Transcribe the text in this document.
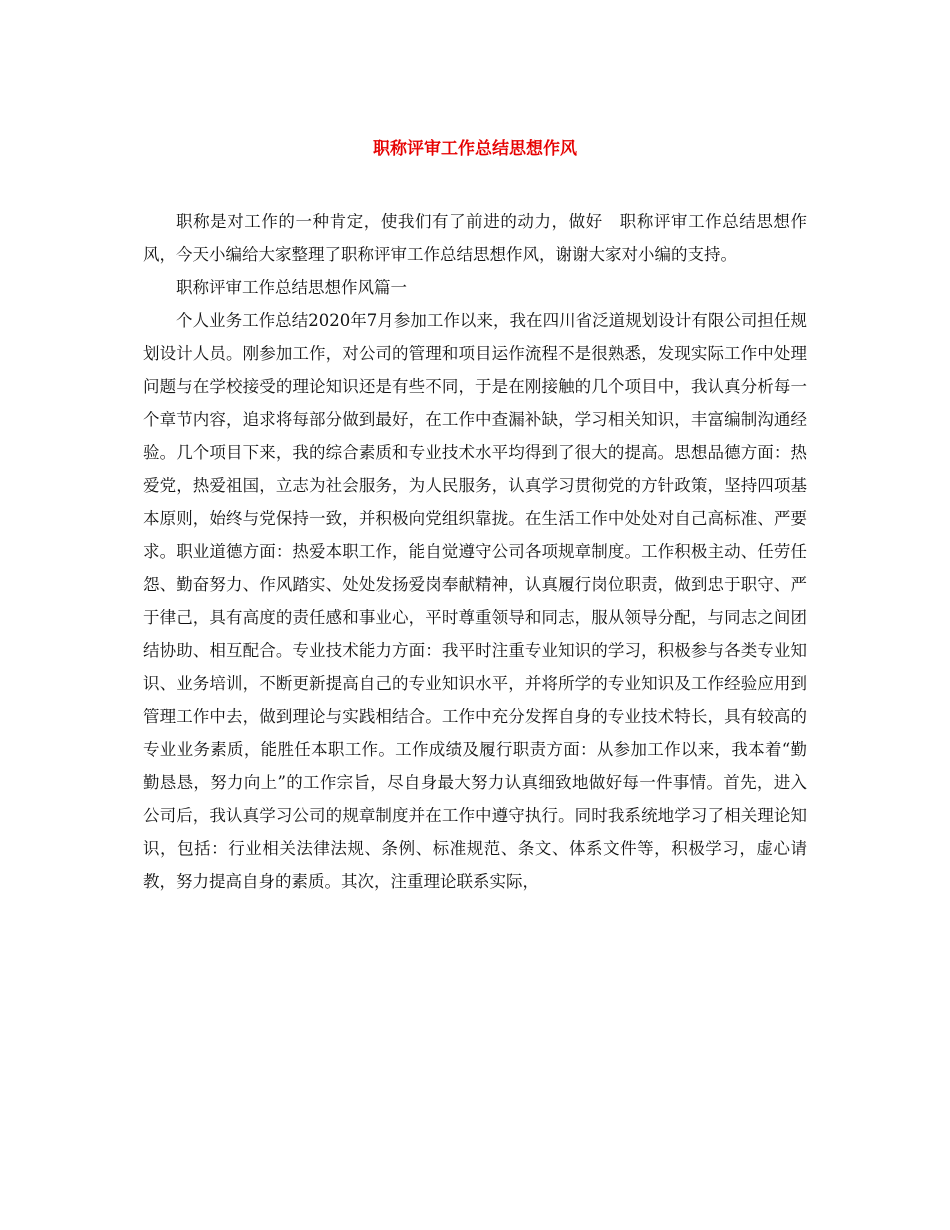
职称评审工作总结思想作风

职称是对工作的一种肯定，使我们有了前进的动力，做好　职称评审工作总结思想作风，今天小编给大家整理了职称评审工作总结思想作风，谢谢大家对小编的支持。

职称评审工作总结思想作风篇一

个人业务工作总结2020年7月参加工作以来，我在四川省泛道规划设计有限公司担任规划设计人员。刚参加工作，对公司的管理和项目运作流程不是很熟悉，发现实际工作中处理问题与在学校接受的理论知识还是有些不同，于是在刚接触的几个项目中，我认真分析每一个章节内容，追求将每部分做到最好，在工作中查漏补缺，学习相关知识，丰富编制沟通经验。几个项目下来，我的综合素质和专业技术水平均得到了很大的提高。思想品德方面：热爱党，热爱祖国，立志为社会服务，为人民服务，认真学习贯彻党的方针政策，坚持四项基本原则，始终与党保持一致，并积极向党组织靠拢。在生活工作中处处对自己高标准、严要求。职业道德方面：热爱本职工作，能自觉遵守公司各项规章制度。工作积极主动、任劳任怨、勤奋努力、作风踏实、处处发扬爱岗奉献精神，认真履行岗位职责，做到忠于职守、严于律己，具有高度的责任感和事业心，平时尊重领导和同志，服从领导分配，与同志之间团结协助、相互配合。专业技术能力方面：我平时注重专业知识的学习，积极参与各类专业知识、业务培训，不断更新提高自己的专业知识水平，并将所学的专业知识及工作经验应用到管理工作中去，做到理论与实践相结合。工作中充分发挥自身的专业技术特长，具有较高的专业业务素质，能胜任本职工作。工作成绩及履行职责方面：从参加工作以来，我本着“勤勤恳恳，努力向上”的工作宗旨，尽自身最大努力认真细致地做好每一件事情。首先，进入公司后，我认真学习公司的规章制度并在工作中遵守执行。同时我系统地学习了相关理论知识，包括：行业相关法律法规、条例、标准规范、条文、体系文件等，积极学习，虚心请教，努力提高自身的素质。其次，注重理论联系实际，
